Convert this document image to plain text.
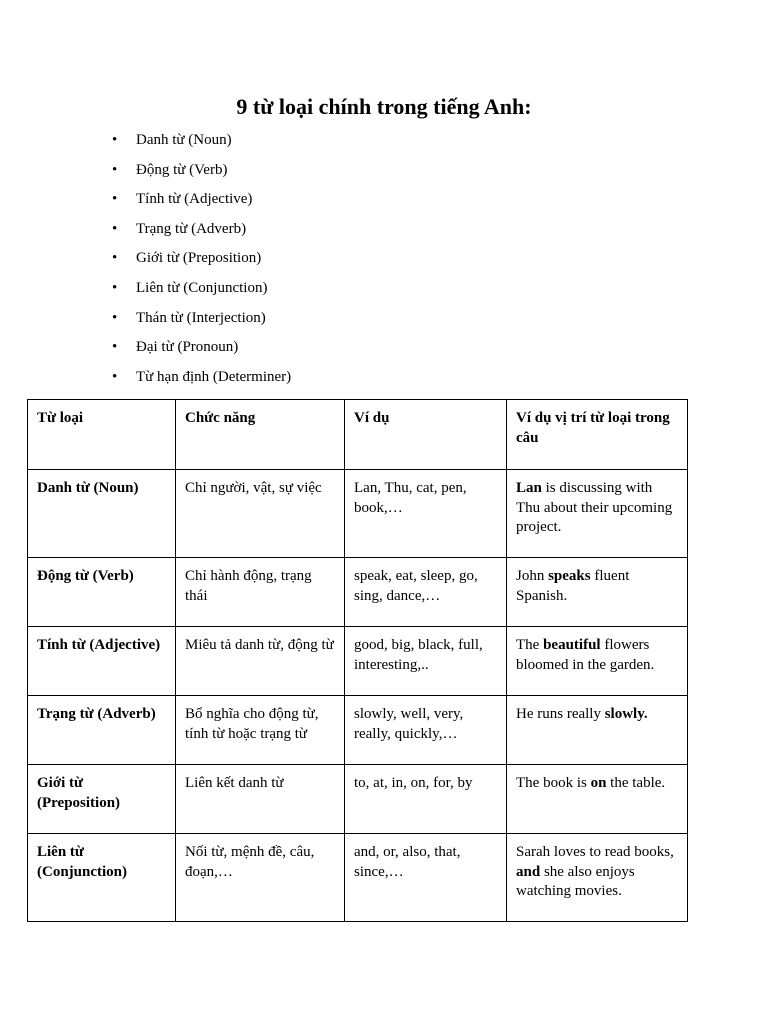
9 từ loại chính trong tiếng Anh:
• Danh từ (Noun)
• Động từ (Verb)
• Tính từ (Adjective)
• Trạng từ (Adverb)
• Giới từ (Preposition)
• Liên từ (Conjunction)
• Thán từ (Interjection)
• Đại từ (Pronoun)
• Từ hạn định (Determiner)
Từ loại	Chức năng	Ví dụ	Ví dụ vị trí từ loại trong câu
Danh từ (Noun)	Chỉ người, vật, sự việc	Lan, Thu, cat, pen, book,…	Lan is discussing with Thu about their upcoming project.
Động từ (Verb)	Chỉ hành động, trạng thái	speak, eat, sleep, go, sing, dance,…	John speaks fluent Spanish.
Tính từ (Adjective)	Miêu tả danh từ, động từ	good, big, black, full, interesting,..	The beautiful flowers bloomed in the garden.
Trạng từ (Adverb)	Bổ nghĩa cho động từ, tính từ hoặc trạng từ	slowly, well, very, really, quickly,…	He runs really slowly.
Giới từ (Preposition)	Liên kết danh từ	to, at, in, on, for, by	The book is on the table.
Liên từ (Conjunction)	Nối từ, mệnh đề, câu, đoạn,…	and, or, also, that, since,…	Sarah loves to read books, and she also enjoys watching movies.
